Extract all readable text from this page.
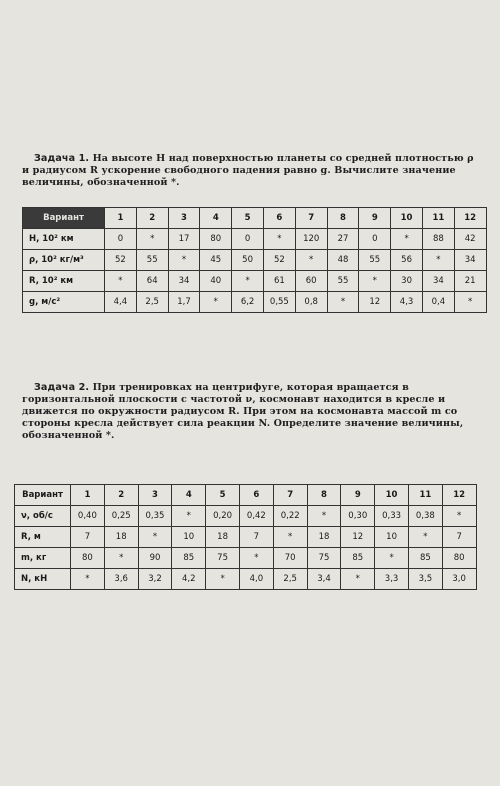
Задача 1. На высоте H над поверхностью планеты со средней плотностью ρ и радиусом R ускорение свободного падения равно g. Вычислите значение величины, обозначенной *.
Вариант	1	2	3	4	5	6	7	8	9	10	11	12
H, 10² км	0	*	17	80	0	*	120	27	0	*	88	42
ρ, 10² кг/м³	52	55	*	45	50	52	*	48	55	56	*	34
R, 10² км	*	64	34	40	*	61	60	55	*	30	34	21
g, м/с²	4,4	2,5	1,7	*	6,2	0,55	0,8	*	12	4,3	0,4	*
Задача 2. При тренировках на центрифуге, которая вращается в горизонтальной плоскости с частотой ν, космонавт находится в кресле и движется по окружности радиусом R. При этом на космонавта массой m со стороны кресла действует сила реакции N. Определите значение величины, обозначенной *.
Вариант	1	2	3	4	5	6	7	8	9	10	11	12
ν, об/с	0,40	0,25	0,35	*	0,20	0,42	0,22	*	0,30	0,33	0,38	*
R, м	7	18	*	10	18	7	*	18	12	10	*	7
m, кг	80	*	90	85	75	*	70	75	85	*	85	80
N, кН	*	3,6	3,2	4,2	*	4,0	2,5	3,4	*	3,3	3,5	3,0
